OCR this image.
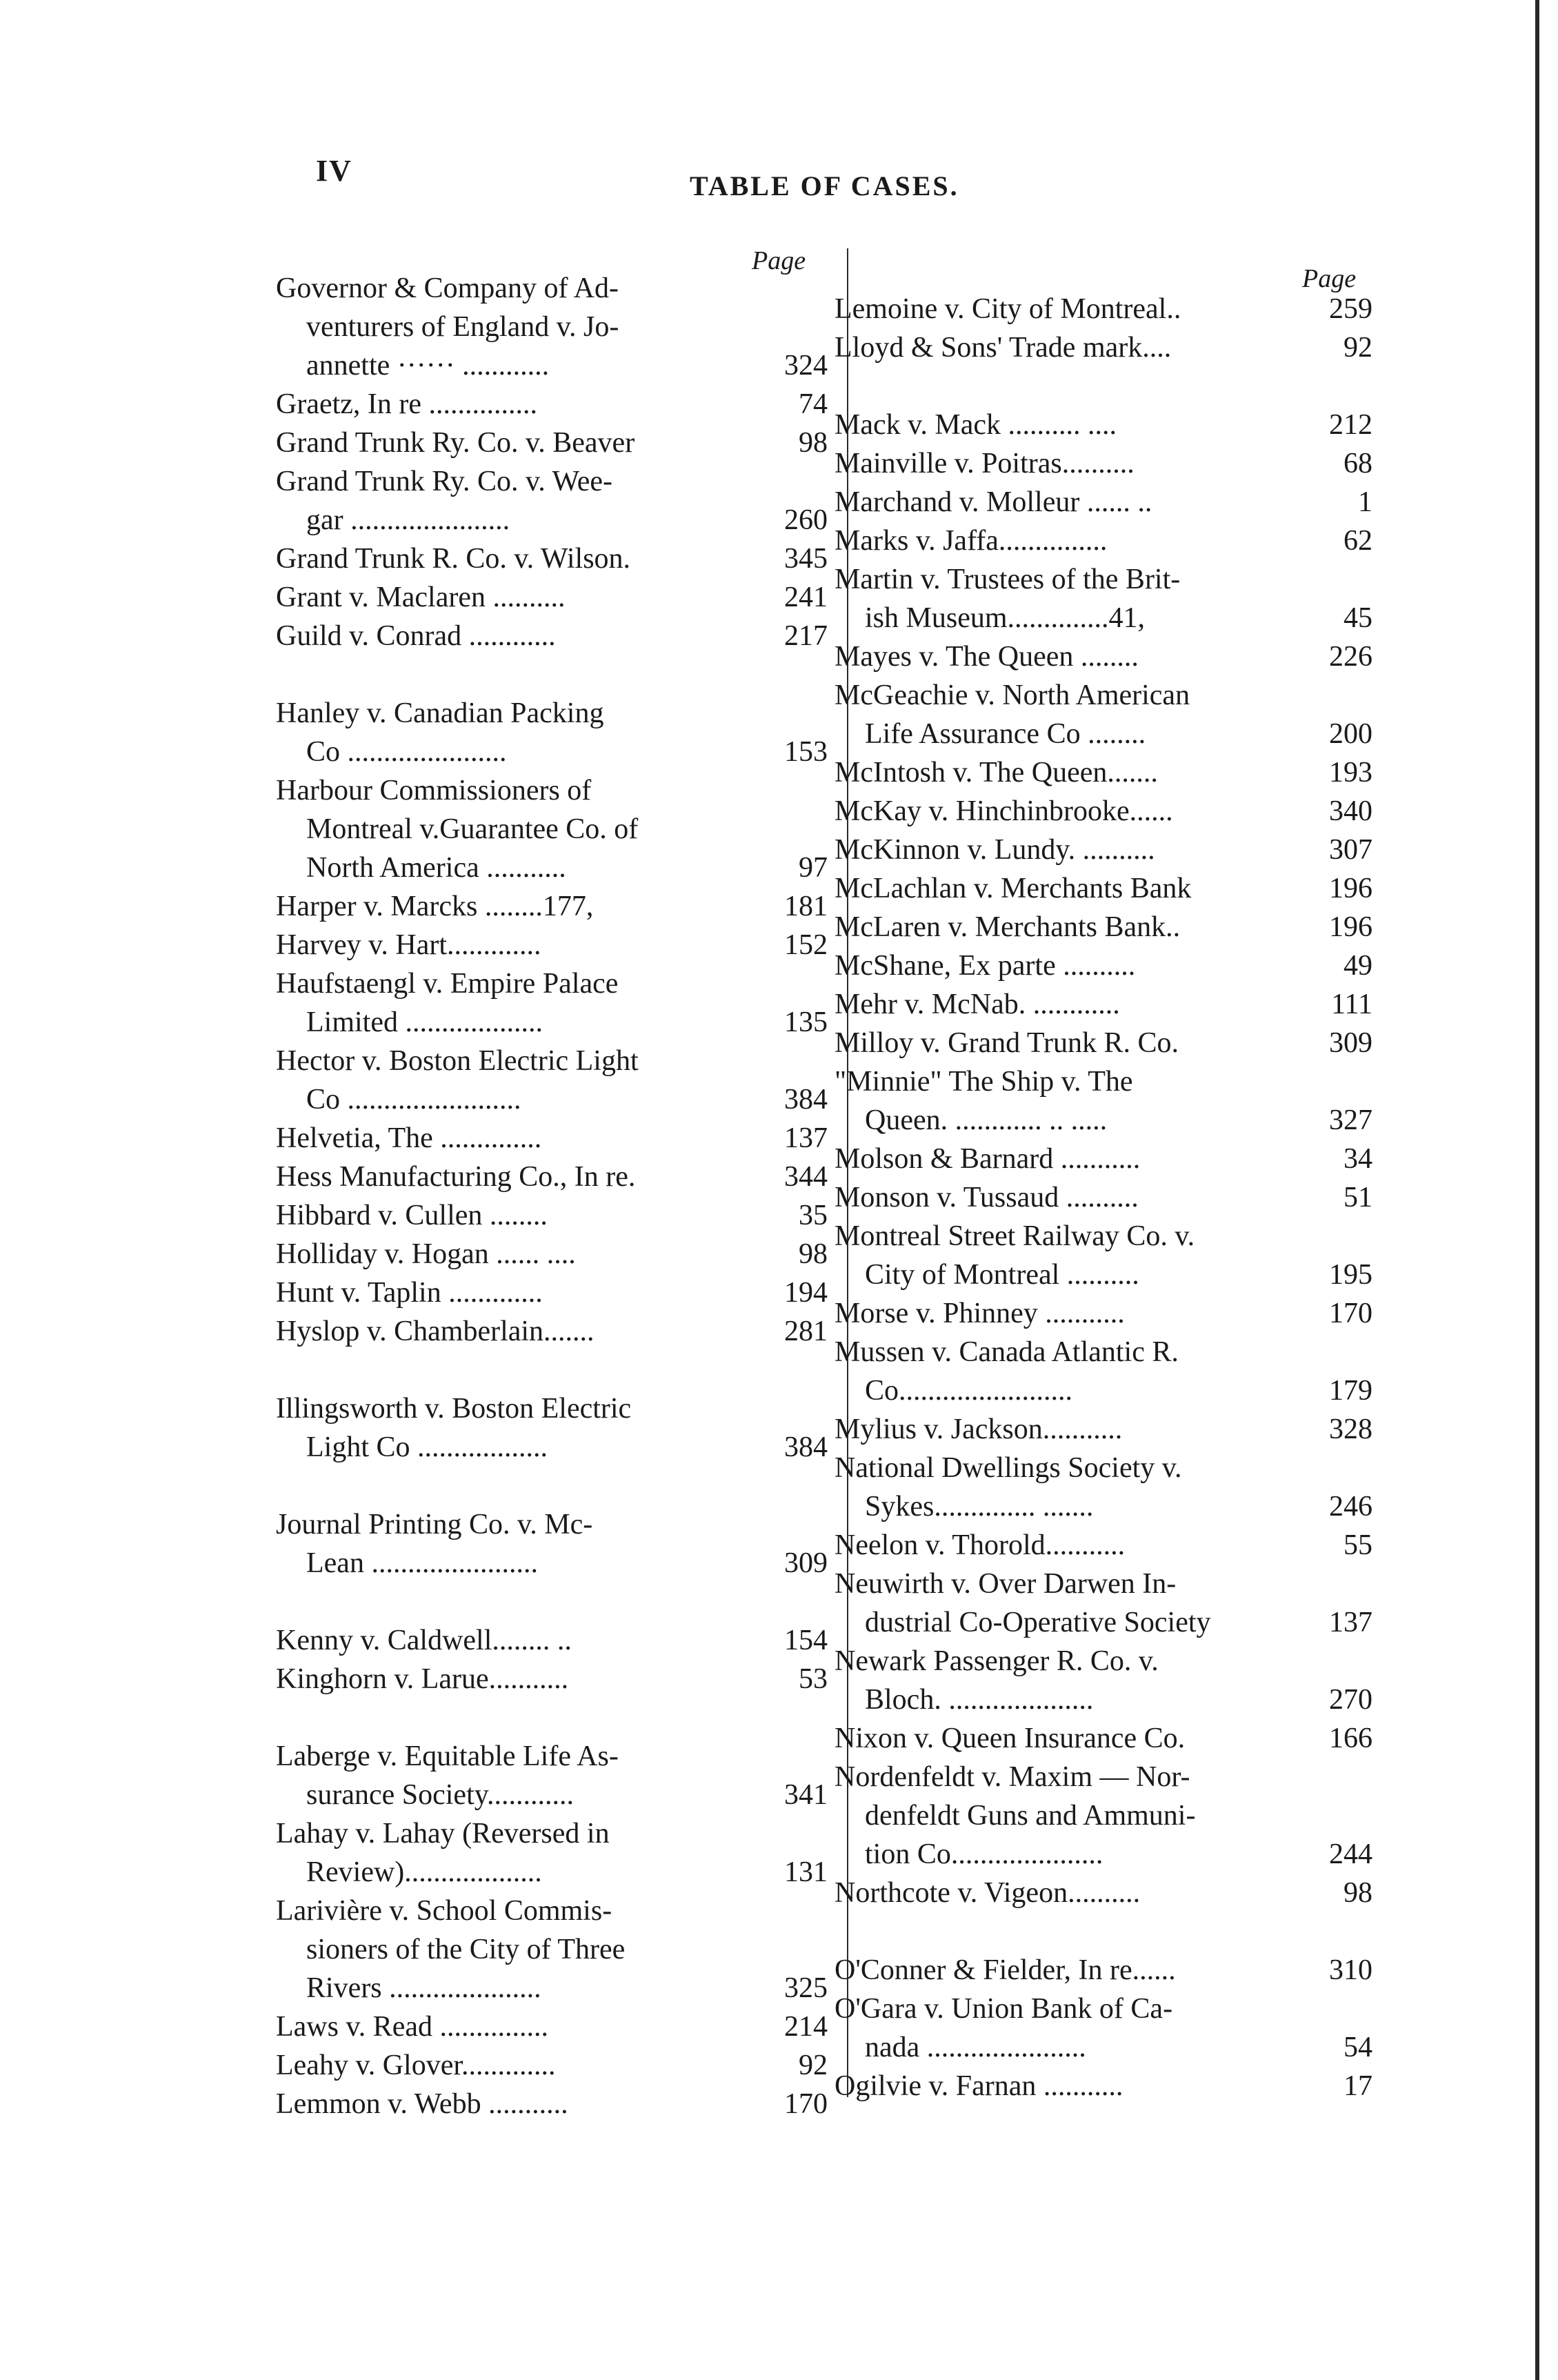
IV	TABLE OF CASES.
Page
Page
Governor & Company of Ad-
venturers of England v. Jo-
annette ······ ............	324
Graetz, In re ...............	74
Grand Trunk Ry. Co. v. Beaver	98
Grand Trunk Ry. Co. v. Wee-
gar ......................	260
Grand Trunk R. Co. v. Wilson.	345
Grant v. Maclaren ..........	241
Guild v. Conrad ............	217
Hanley v. Canadian Packing
Co ......................	153
Harbour Commissioners of
Montreal v.Guarantee Co. of
North America ...........	97
Harper v. Marcks ........177,	181
Harvey v. Hart.............	152
Haufstaengl v. Empire Palace
Limited ...................	135
Hector v. Boston Electric Light
Co ........................	384
Helvetia, The ..............	137
Hess Manufacturing Co., In re.	344
Hibbard v. Cullen ........	35
Holliday v. Hogan ...... ....	98
Hunt v. Taplin .............	194
Hyslop v. Chamberlain.......	281
Illingsworth v. Boston Electric
Light Co ..................	384
Journal Printing Co. v. Mc-
Lean .......................	309
Kenny v. Caldwell........ ..	154
Kinghorn v. Larue...........	53
Laberge v. Equitable Life As-
surance Society............	341
Lahay v. Lahay (Reversed in
Review)...................	131
Larivière v. School Commis-
sioners of the City of Three
Rivers .....................	325
Laws v. Read ...............	214
Leahy v. Glover.............	92
Lemmon v. Webb ...........	170
Lemoine v. City of Montreal..	259
Lloyd & Sons' Trade mark....	92
Mack v. Mack .......... ....	212
Mainville v. Poitras..........	68
Marchand v. Molleur ...... ..	1
Marks v. Jaffa...............	62
Martin v. Trustees of the Brit-
ish Museum..............41,	45
Mayes v. The Queen ........	226
McGeachie v. North American
Life Assurance Co ........	200
McIntosh v. The Queen.......	193
McKay v. Hinchinbrooke......	340
McKinnon v. Lundy. ..........	307
McLachlan v. Merchants Bank	196
McLaren v. Merchants Bank..	196
McShane, Ex parte ..........	49
Mehr v. McNab. ............	111
Milloy v. Grand Trunk R. Co.	309
"Minnie" The Ship v. The
Queen. ............ .. .....	327
Molson & Barnard ...........	34
Monson v. Tussaud ..........	51
Montreal Street Railway Co. v.
City of Montreal ..........	195
Morse v. Phinney ...........	170
Mussen v. Canada Atlantic R.
Co........................	179
Mylius v. Jackson...........	328
National Dwellings Society v.
Sykes.............. .......	246
Neelon v. Thorold...........	55
Neuwirth v. Over Darwen In-
dustrial Co-Operative Society	137
Newark Passenger R. Co. v.
Bloch. ....................	270
Nixon v. Queen Insurance Co.	166
Nordenfeldt v. Maxim — Nor-
denfeldt Guns and Ammuni-
tion Co.....................	244
Northcote v. Vigeon..........	98
O'Conner & Fielder, In re......	310
O'Gara v. Union Bank of Ca-
nada ......................	54
Ogilvie v. Farnan ...........	17
